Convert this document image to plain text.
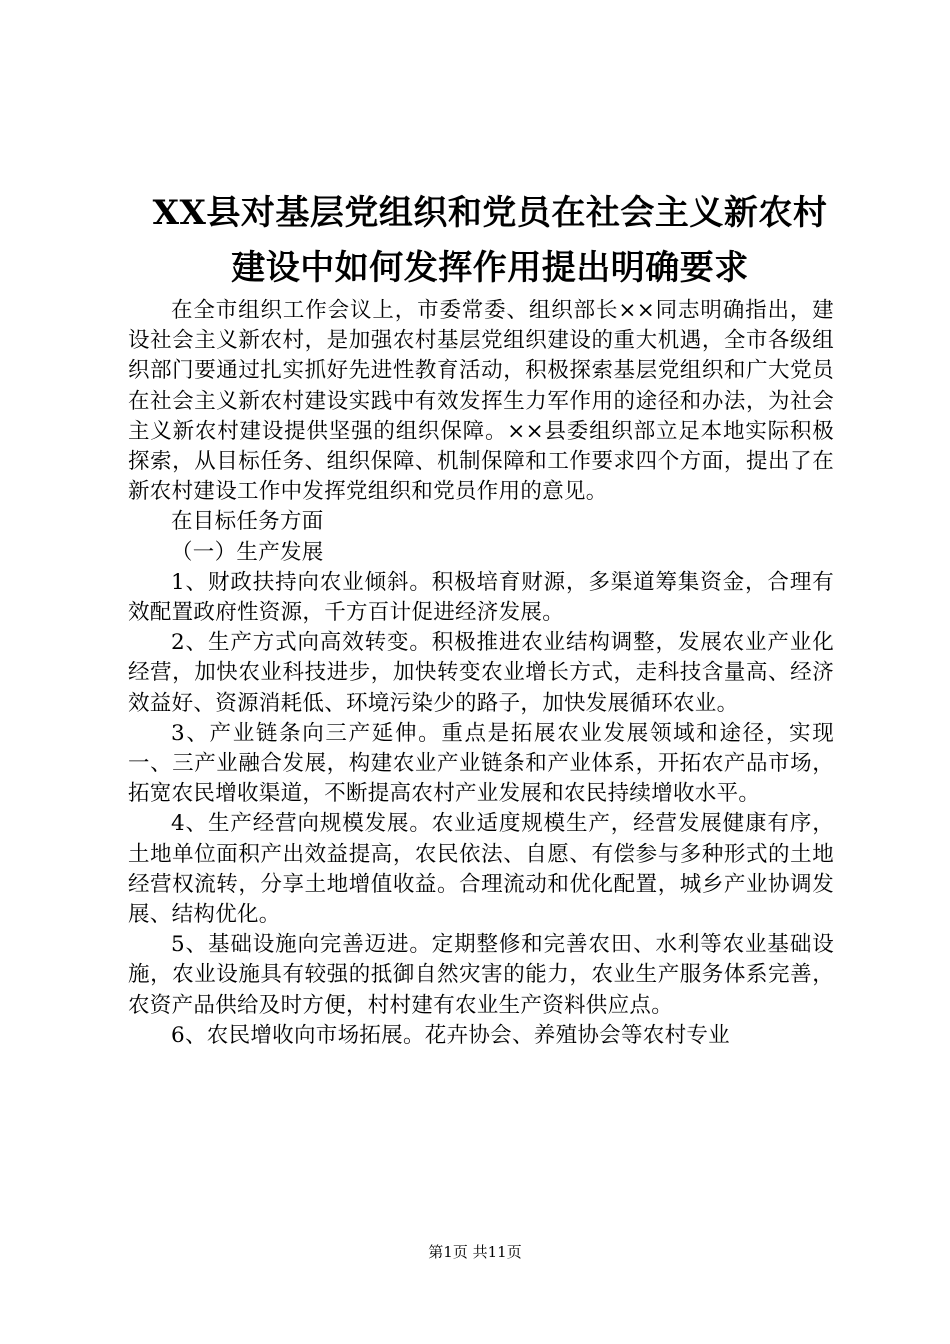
XX县对基层党组织和党员在社会主义新农村
建设中如何发挥作用提出明确要求

在全市组织工作会议上，市委常委、组织部长××同志明确指出，建设社会主义新农村，是加强农村基层党组织建设的重大机遇，全市各级组织部门要通过扎实抓好先进性教育活动，积极探索基层党组织和广大党员在社会主义新农村建设实践中有效发挥生力军作用的途径和办法，为社会主义新农村建设提供坚强的组织保障。××县委组织部立足本地实际积极探索，从目标任务、组织保障、机制保障和工作要求四个方面，提出了在新农村建设工作中发挥党组织和党员作用的意见。

在目标任务方面

（一）生产发展

1、财政扶持向农业倾斜。积极培育财源，多渠道筹集资金，合理有效配置政府性资源，千方百计促进经济发展。

2、生产方式向高效转变。积极推进农业结构调整，发展农业产业化经营，加快农业科技进步，加快转变农业增长方式，走科技含量高、经济效益好、资源消耗低、环境污染少的路子，加快发展循环农业。

3、产业链条向三产延伸。重点是拓展农业发展领域和途径，实现一、三产业融合发展，构建农业产业链条和产业体系，开拓农产品市场，拓宽农民增收渠道，不断提高农村产业发展和农民持续增收水平。

4、生产经营向规模发展。农业适度规模生产，经营发展健康有序，土地单位面积产出效益提高，农民依法、自愿、有偿参与多种形式的土地经营权流转，分享土地增值收益。合理流动和优化配置，城乡产业协调发展、结构优化。

5、基础设施向完善迈进。定期整修和完善农田、水利等农业基础设施，农业设施具有较强的抵御自然灾害的能力，农业生产服务体系完善，农资产品供给及时方便，村村建有农业生产资料供应点。

6、农民增收向市场拓展。花卉协会、养殖协会等农村专业

第1页 共11页
